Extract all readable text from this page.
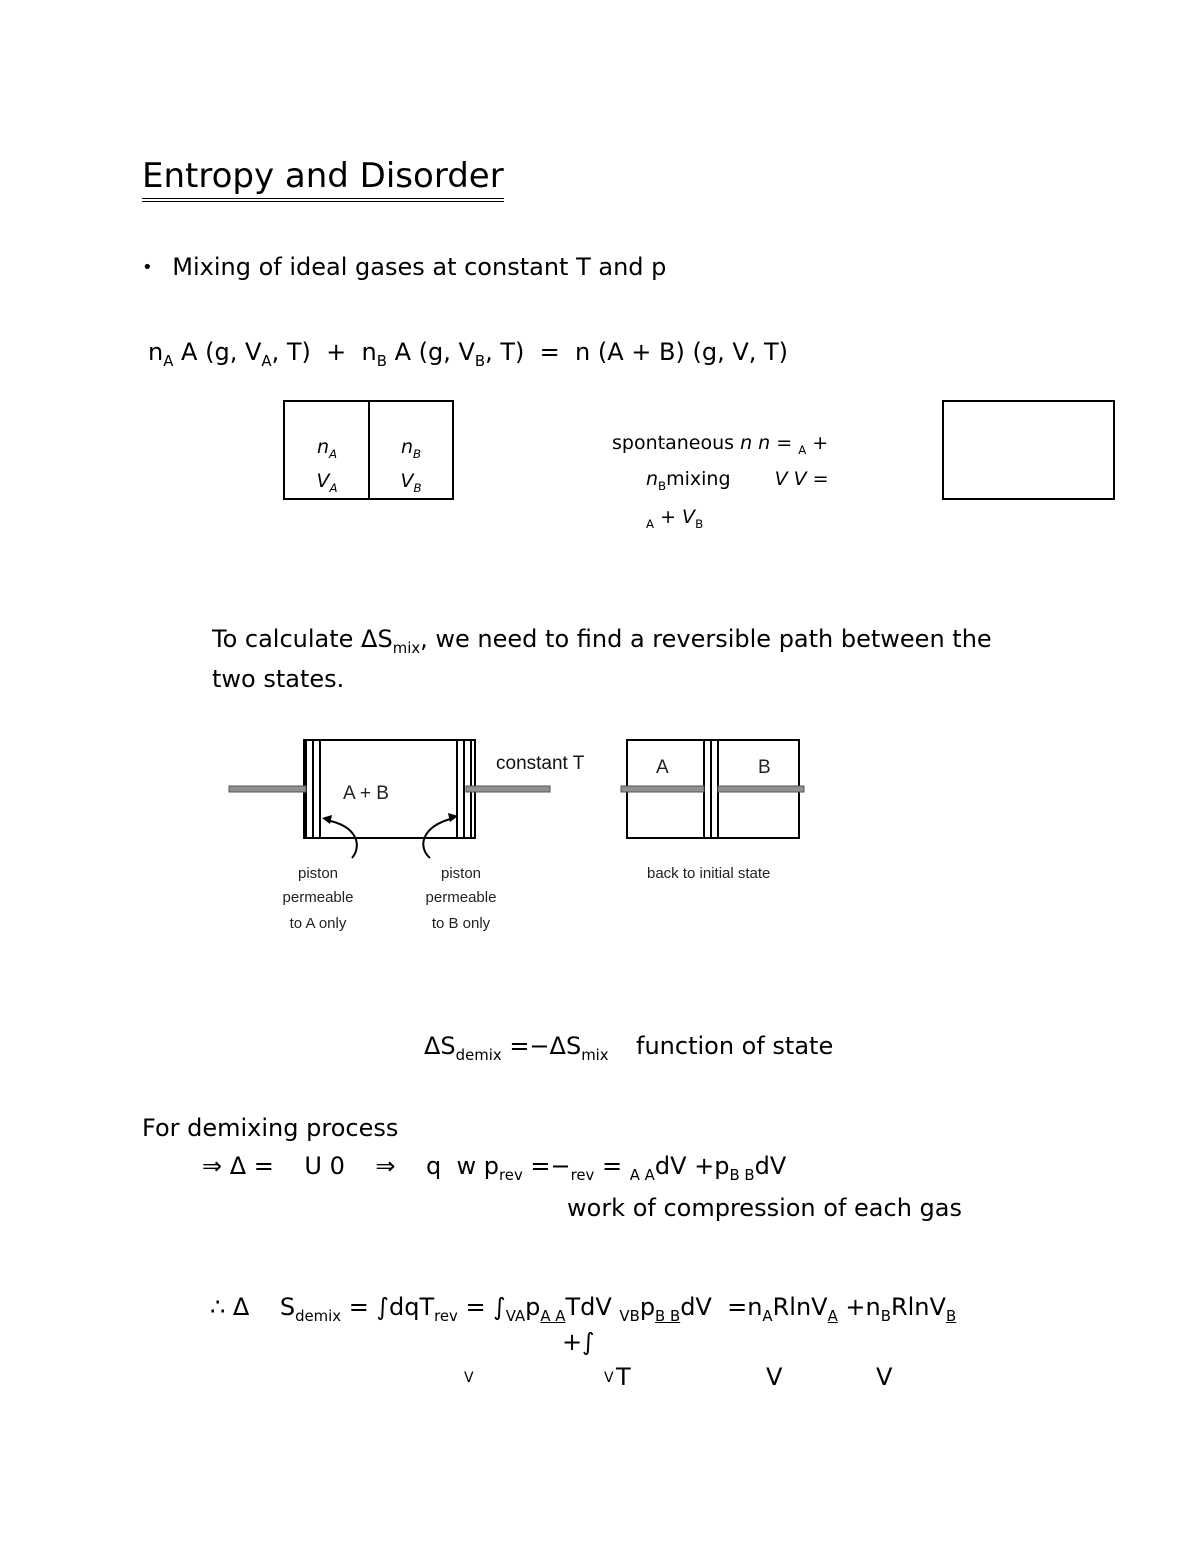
Entropy and Disorder
• Mixing of ideal gases at constant T and p
$n_A$ A (g, $V_A$, $T) + n_B$ A (g, $V_B$, T) = n (A + B) (g, V, T)
$n_A$
$V_A$
$n_B$
$V_B$
spontaneous n n = $_A$ +
$n_Bmixing$ V V =
$_A + V_B$
To calculate $\Delta S_{mix}$, we need to find a reversible path between the
two states.
A + B
constant T	A	B
piston
permeable
to A only
piston
permeable
to B only
back to initial state
$\Delta S_{demix} =-\Delta S_{mix}$ function of state
For demixing process
⇒ Δ =    U 0    ⇒    q  w $p_{rev} =-_{rev} = _{A A}dV +p_{B B}dV$
work of compression of each gas
∴ Δ    $S_{demix} = \int dqT_{rev} = \int_{VA}p_{A A}TdV$ $_{VB}p_{B B}dV =n_ARlnV_A +n_BRlnV_B$
+∫
V	V T	V	V
